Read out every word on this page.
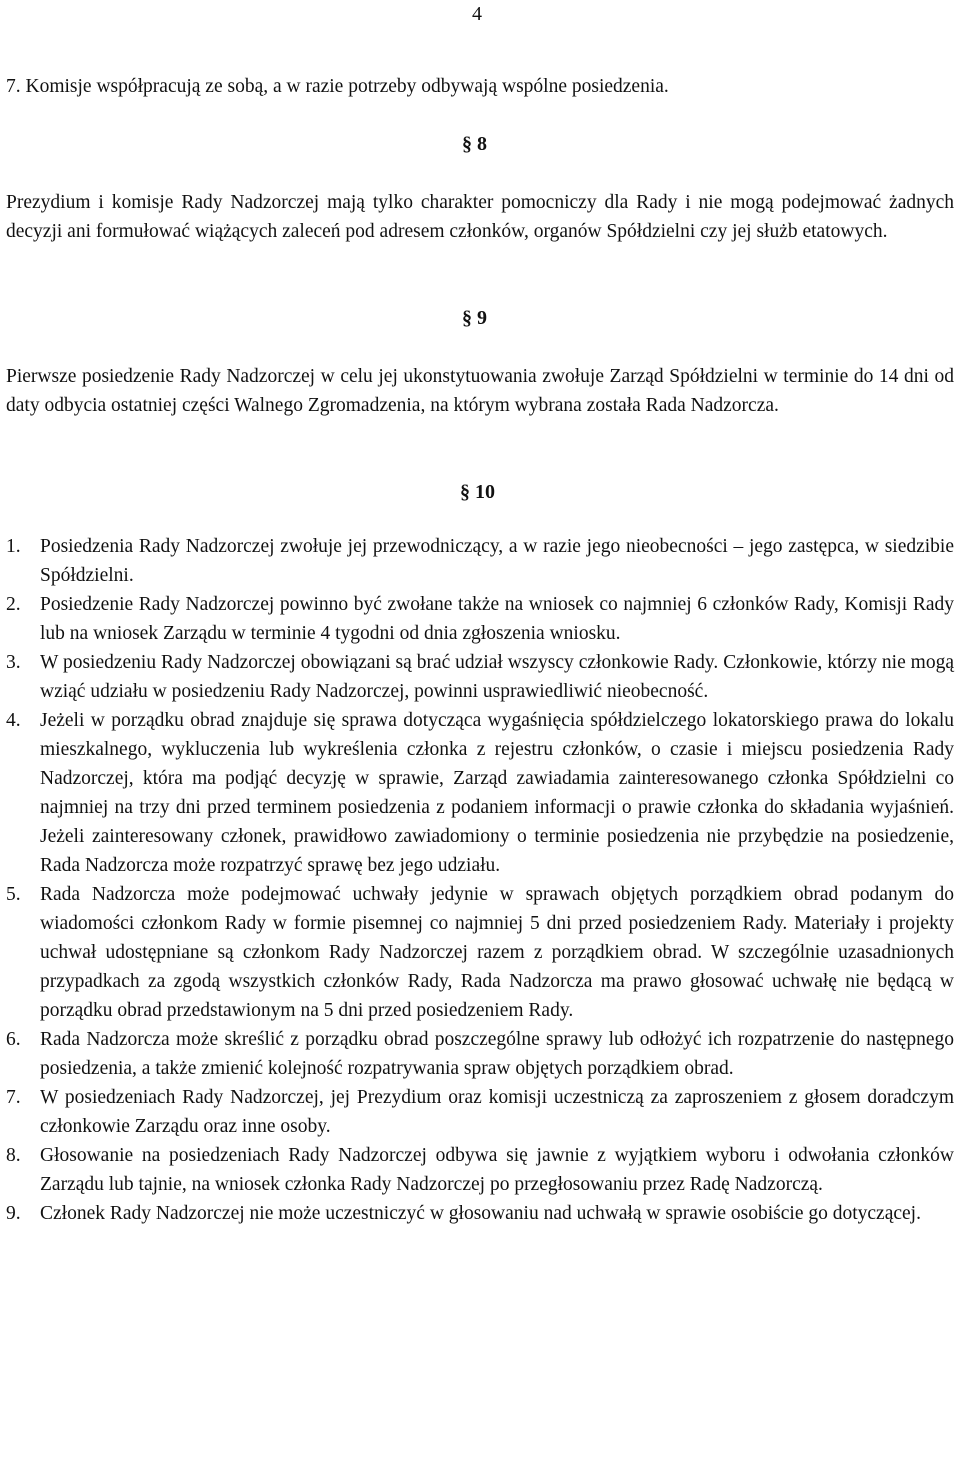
4
7. Komisje współpracują ze sobą, a w razie potrzeby odbywają wspólne posiedzenia.
§ 8
Prezydium i komisje Rady Nadzorczej mają tylko charakter pomocniczy dla Rady i nie mogą podejmować żadnych decyzji ani formułować wiążących zaleceń pod adresem członków, organów Spółdzielni czy jej służb etatowych.
§ 9
Pierwsze posiedzenie Rady Nadzorczej w celu jej ukonstytuowania zwołuje Zarząd Spółdzielni w terminie do 14 dni od daty odbycia ostatniej części Walnego Zgromadzenia, na którym wybrana została Rada Nadzorcza.
§ 10
1. Posiedzenia Rady Nadzorczej zwołuje jej przewodniczący, a w razie jego nieobecności – jego zastępca, w siedzibie Spółdzielni.
2. Posiedzenie Rady Nadzorczej powinno być zwołane także na wniosek co najmniej 6 członków Rady, Komisji Rady lub na wniosek Zarządu w terminie 4 tygodni od dnia zgłoszenia wniosku.
3. W posiedzeniu Rady Nadzorczej obowiązani są brać udział wszyscy członkowie Rady. Członkowie, którzy nie mogą wziąć udziału w posiedzeniu Rady Nadzorczej, powinni usprawiedliwić nieobecność.
4. Jeżeli w porządku obrad znajduje się sprawa dotycząca wygaśnięcia spółdzielczego lokatorskiego prawa do lokalu mieszkalnego, wykluczenia lub wykreślenia członka z rejestru członków, o czasie i miejscu posiedzenia Rady Nadzorczej, która ma podjąć decyzję w sprawie, Zarząd zawiadamia zainteresowanego członka Spółdzielni co najmniej na trzy dni przed terminem posiedzenia z podaniem informacji o prawie członka do składania wyjaśnień. Jeżeli zainteresowany członek, prawidłowo zawiadomiony o terminie posiedzenia nie przybędzie na posiedzenie, Rada Nadzorcza może rozpatrzyć sprawę bez jego udziału.
5. Rada Nadzorcza może podejmować uchwały jedynie w sprawach objętych porządkiem obrad podanym do wiadomości członkom Rady w formie pisemnej co najmniej 5 dni przed posiedzeniem Rady. Materiały i projekty uchwał udostępniane są członkom Rady Nadzorczej razem z porządkiem obrad. W szczególnie uzasadnionych przypadkach za zgodą wszystkich członków Rady, Rada Nadzorcza ma prawo głosować uchwałę nie będącą w porządku obrad przedstawionym na 5 dni przed posiedzeniem Rady.
6. Rada Nadzorcza może skreślić z porządku obrad poszczególne sprawy lub odłożyć ich rozpatrzenie do następnego posiedzenia, a także zmienić kolejność rozpatrywania spraw objętych porządkiem obrad.
7. W posiedzeniach Rady Nadzorczej, jej Prezydium oraz komisji uczestniczą za zaproszeniem z głosem doradczym członkowie Zarządu oraz inne osoby.
8. Głosowanie na posiedzeniach Rady Nadzorczej odbywa się jawnie z wyjątkiem wyboru i odwołania członków Zarządu lub tajnie, na wniosek członka Rady Nadzorczej po przegłosowaniu przez Radę Nadzorczą.
9. Członek Rady Nadzorczej nie może uczestniczyć w głosowaniu nad uchwałą w sprawie osobiście go dotyczącej.
